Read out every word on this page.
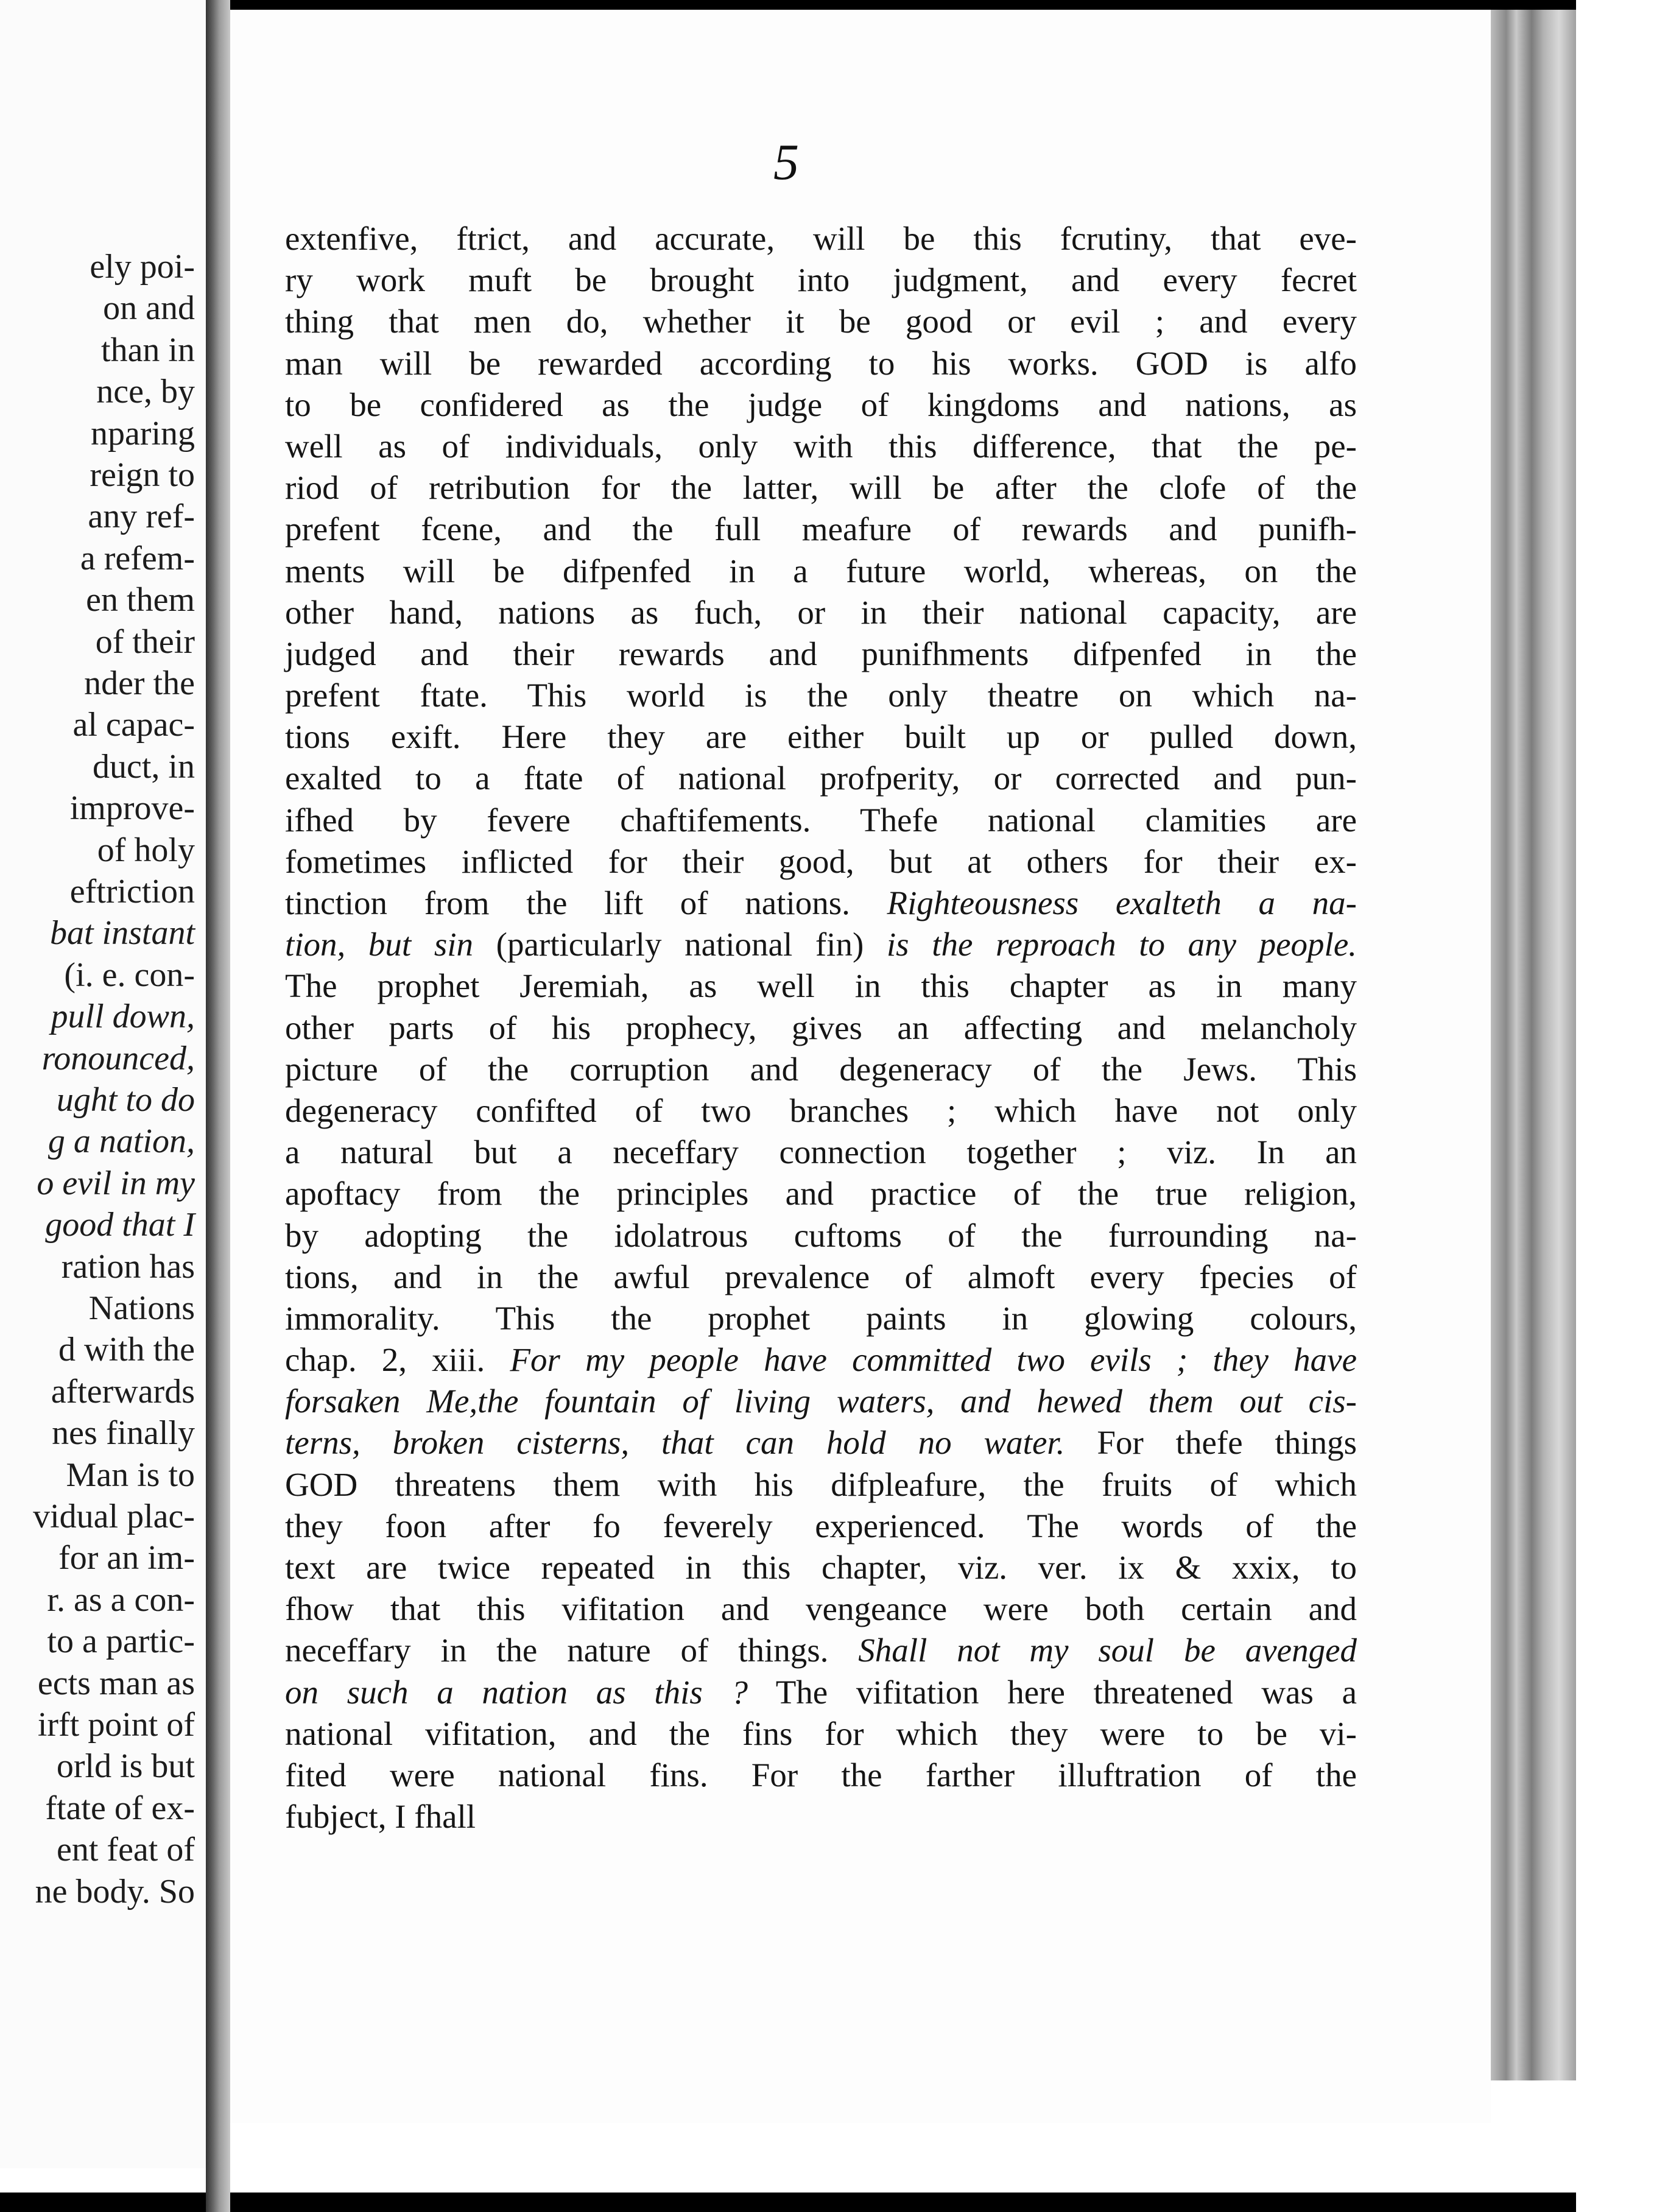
ely poi-
on and
than in
nce, by
nparing
reign to
any ref-
a refem-
en them
of their
nder the
al capac-
duct, in
improve-
of holy
eftriction
bat instant
(i. e. con-
pull down,
ronounced,
ught to do
g a nation,
o evil in my
good that I
ration has
Nations
d with the
afterwards
nes finally
Man is to
vidual plac-
for an im-
r. as a con-
to a partic-
ects man as
irft point of
orld is but
ftate of ex-
ent feat of
ne body. So
5
extenfive, ftrict, and accurate, will be this fcrutiny, that eve-
ry work muft be brought into judgment, and every fecret
thing that men do, whether it be good or evil ; and every
man will be rewarded according to his works. GOD is alfo
to be confidered as the judge of kingdoms and nations, as
well as of individuals, only with this difference, that the pe-
riod of retribution for the latter, will be after the clofe of the
prefent fcene, and the full meafure of rewards and punifh-
ments will be difpenfed in a future world, whereas, on the
other hand, nations as fuch, or in their national capacity, are
judged and their rewards and punifhments difpenfed in the
prefent ftate. This world is the only theatre on which na-
tions exift. Here they are either built up or pulled down,
exalted to a ftate of national profperity, or corrected and pun-
ifhed by fevere chaftifements. Thefe national clamities are
fometimes inflicted for their good, but at others for their ex-
tinction from the lift of nations. Righteousness exalteth a na-
tion, but sin (particularly national fin) is the reproach to any people.
The prophet Jeremiah, as well in this chapter as in many
other parts of his prophecy, gives an affecting and melancholy
picture of the corruption and degeneracy of the Jews. This
degeneracy confifted of two branches ; which have not only
a natural but a neceffary connection together ; viz. In an
apoftacy from the principles and practice of the true religion,
by adopting the idolatrous cuftoms of the furrounding na-
tions, and in the awful prevalence of almoft every fpecies of
immorality. This the prophet paints in glowing colours,
chap. 2, xiii. For my people have committed two evils ; they have
forsaken Me,the fountain of living waters, and hewed them out cis-
terns, broken cisterns, that can hold no water. For thefe things
GOD threatens them with his difpleafure, the fruits of which
they foon after fo feverely experienced. The words of the
text are twice repeated in this chapter, viz. ver. ix & xxix, to
fhow that this vifitation and vengeance were both certain and
neceffary in the nature of things. Shall not my soul be avenged
on such a nation as this ? The vifitation here threatened was a
national vifitation, and the fins for which they were to be vi-
fited were national fins. For the farther illuftration of the
fubject, I fhall
